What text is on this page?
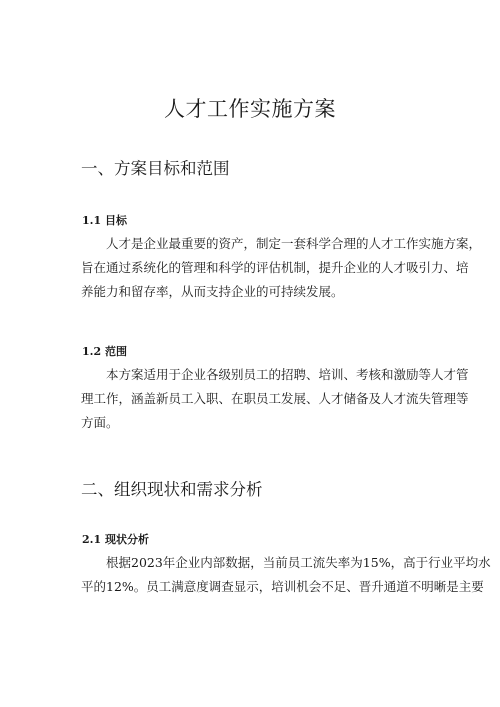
人才工作实施方案
一、方案目标和范围
1.1 目标

人才是企业最重要的资产，制定一套科学合理的人才工作实施方案，
旨在通过系统化的管理和科学的评估机制，提升企业的人才吸引力、培
养能力和留存率，从而支持企业的可持续发展。

1.2 范围

本方案适用于企业各级别员工的招聘、培训、考核和激励等人才管
理工作，涵盖新员工入职、在职员工发展、人才储备及人才流失管理等
方面。

二、组织现状和需求分析
2.1 现状分析

根据2023年企业内部数据，当前员工流失率为15%，高于行业平均水
平的12%。员工满意度调查显示，培训机会不足、晋升通道不明晰是主要
